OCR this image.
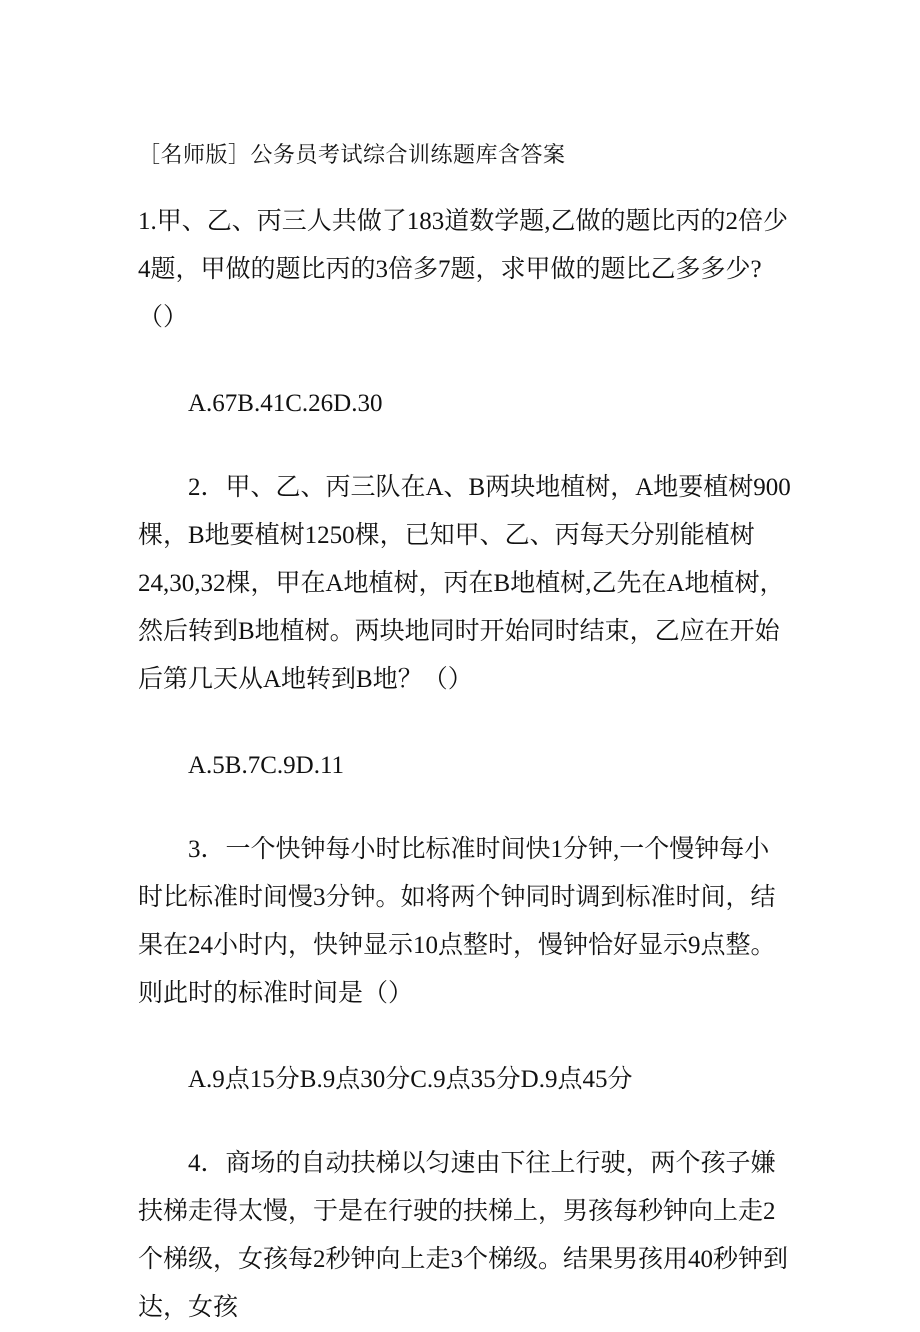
［名师版］公务员考试综合训练题库含答案

1.甲、乙、丙三人共做了183道数学题,乙做的题比丙的2倍少4题，甲做的题比丙的3倍多7题，求甲做的题比乙多多少?（）

A.67B.41C.26D.30

2．甲、乙、丙三队在A、B两块地植树，A地要植树900棵，B地要植树1250棵，已知甲、乙、丙每天分别能植树24,30,32棵，甲在A地植树，丙在B地植树,乙先在A地植树，然后转到B地植树。两块地同时开始同时结束，乙应在开始后第几天从A地转到B地？（）

A.5B.7C.9D.11

3．一个快钟每小时比标准时间快1分钟,一个慢钟每小时比标准时间慢3分钟。如将两个钟同时调到标准时间，结果在24小时内，快钟显示10点整时，慢钟恰好显示9点整。则此时的标准时间是（）

A.9点15分B.9点30分C.9点35分D.9点45分

4．商场的自动扶梯以匀速由下往上行驶，两个孩子嫌扶梯走得太慢，于是在行驶的扶梯上，男孩每秒钟向上走2个梯级，女孩每2秒钟向上走3个梯级。结果男孩用40秒钟到达，女孩
